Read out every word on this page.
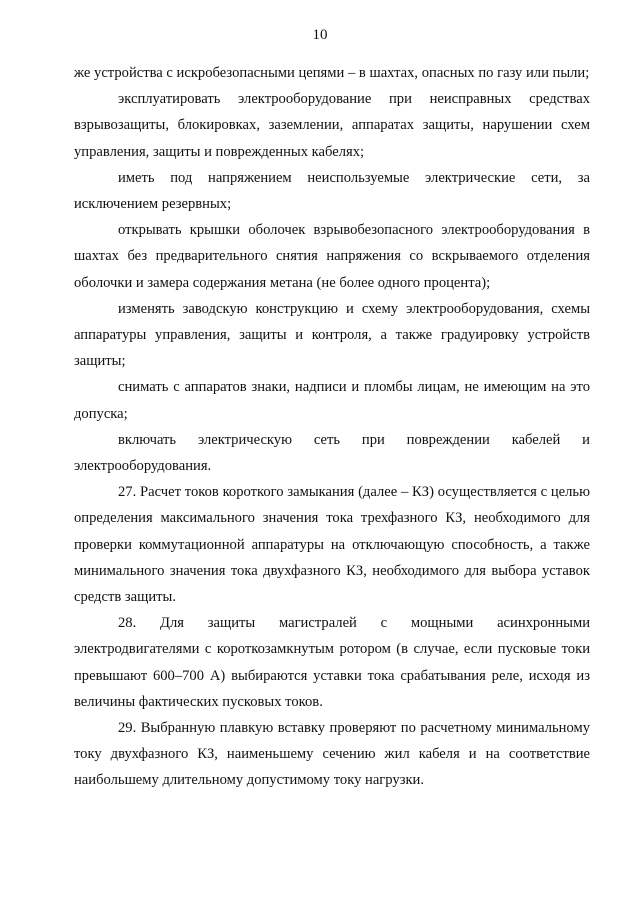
10

же устройства с искробезопасными цепями – в шахтах, опасных по газу или пыли;

эксплуатировать электрооборудование при неисправных средствах взрывозащиты, блокировках, заземлении, аппаратах защиты, нарушении схем управления, защиты и поврежденных кабелях;

иметь под напряжением неиспользуемые электрические сети, за исключением резервных;

открывать крышки оболочек взрывобезопасного электрооборудования в шахтах без предварительного снятия напряжения со вскрываемого отделения оболочки и замера содержания метана (не более одного процента);

изменять заводскую конструкцию и схему электрооборудования, схемы аппаратуры управления, защиты и контроля, а также градуировку устройств защиты;

снимать с аппаратов знаки, надписи и пломбы лицам, не имеющим на это допуска;

включать электрическую сеть при повреждении кабелей и электрооборудования.

27. Расчет токов короткого замыкания (далее – КЗ) осуществляется с целью определения максимального значения тока трехфазного КЗ, необходимого для проверки коммутационной аппаратуры на отключающую способность, а также минимального значения тока двухфазного КЗ, необходимого для выбора уставок средств защиты.

28. Для защиты магистралей с мощными асинхронными электродвигателями с короткозамкнутым ротором (в случае, если пусковые токи превышают 600–700 А) выбираются уставки тока срабатывания реле, исходя из величины фактических пусковых токов.

29. Выбранную плавкую вставку проверяют по расчетному минимальному току двухфазного КЗ, наименьшему сечению жил кабеля и на соответствие наибольшему длительному допустимому току нагрузки.
